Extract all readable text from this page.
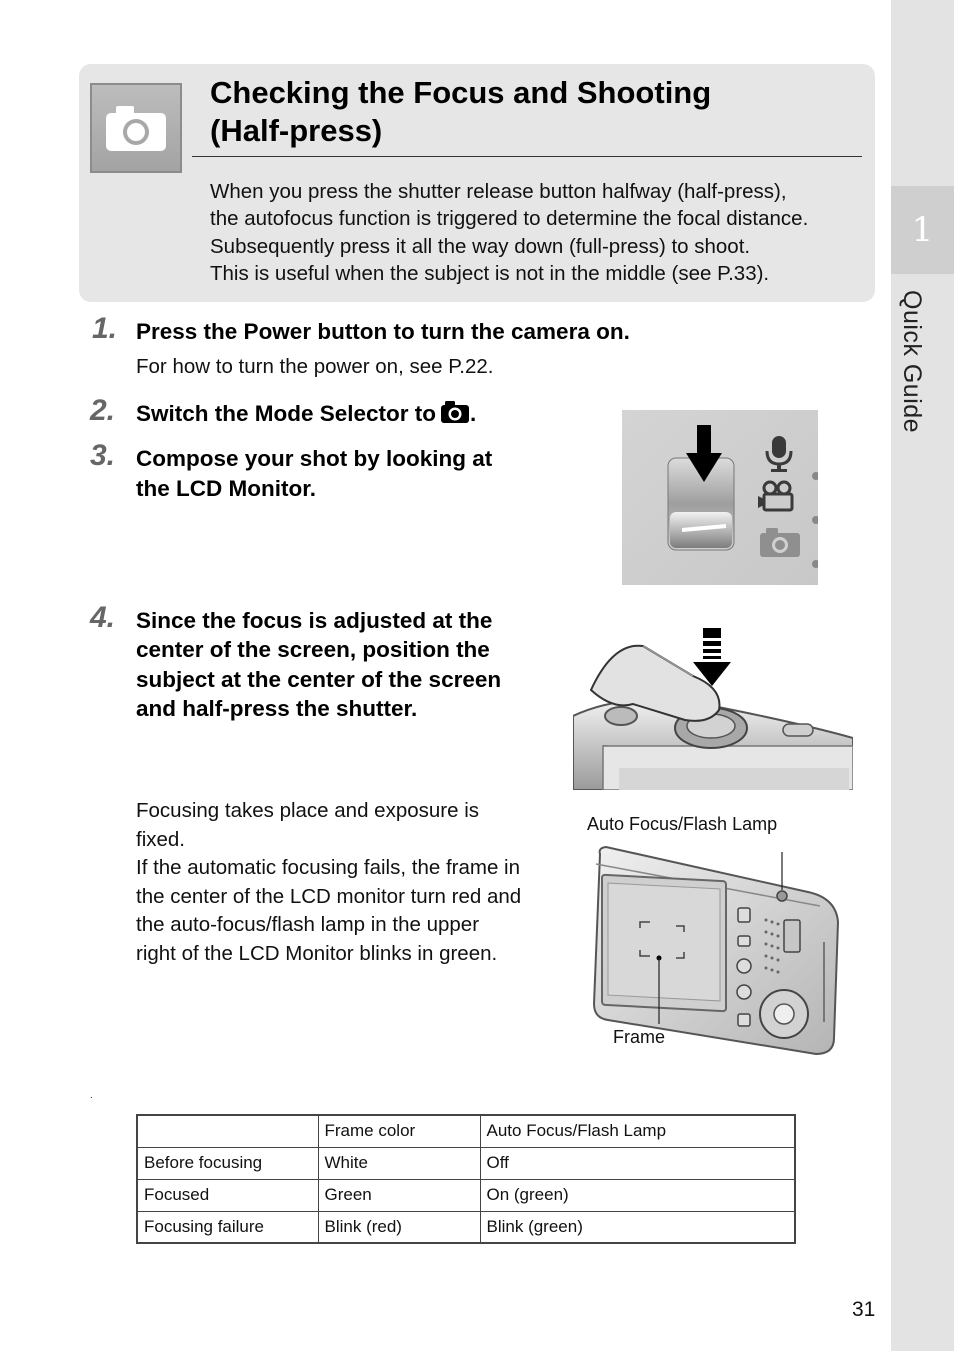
1
Quick Guide
Checking the Focus and Shooting
(Half-press)

When you press the shutter release button halfway (half-press),

the autofocus function is triggered to determine the focal distance.

Subsequently press it all the way down (full-press) to shoot.

This is useful when the subject is not in the middle (see P.33).

1. Press the Power button to turn the camera on.
For how to turn the power on, see P.22.
2. Switch the Mode Selector to .
3. Compose your shot by looking at
the LCD Monitor.
4. Since the focus is adjusted at the
center of the screen, position the
subject at the center of the screen
and half-press the shutter.
Focusing takes place and exposure is
fixed.
If the automatic focusing fails, the frame in
the center of the LCD monitor turn red and
the auto-focus/flash lamp in the upper
right of the LCD Monitor blinks in green.
Auto Focus/Flash Lamp
Frame
.
	Frame color	Auto Focus/Flash Lamp
Before focusing	White	Off
Focused	Green	On (green)
Focusing failure	Blink (red)	Blink (green)
31
